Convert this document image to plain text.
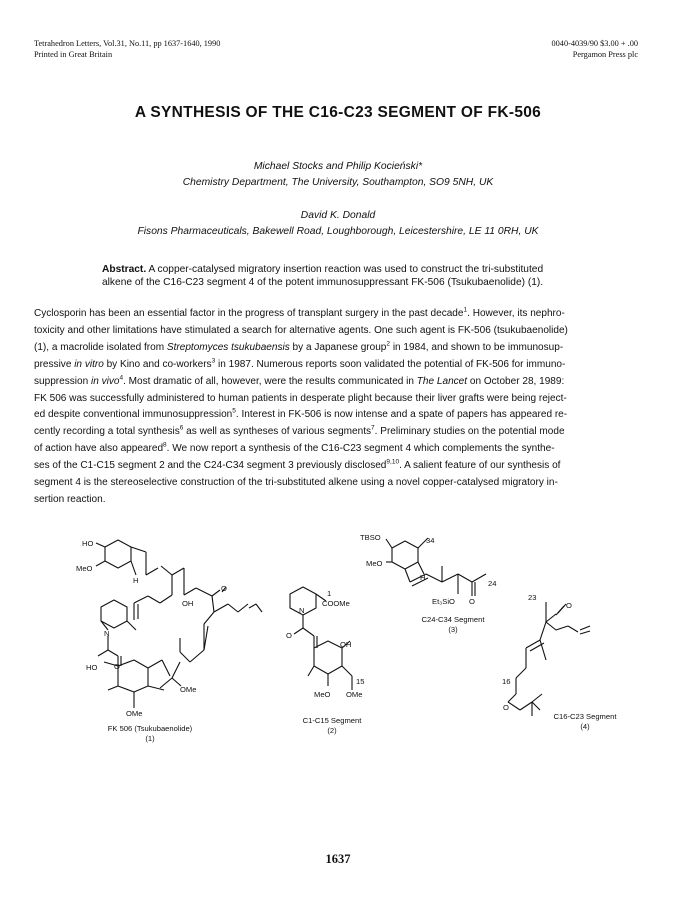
Tetrahedron Letters, Vol.31, No.11, pp 1637-1640, 1990
Printed in Great Britain
0040-4039/90 $3.00 + .00
Pergamon Press plc
A SYNTHESIS OF THE C16-C23 SEGMENT OF FK-506
Michael Stocks and Philip Kocieński*
Chemistry Department, The University, Southampton, SO9 5NH, UK
David K. Donald
Fisons Pharmaceuticals, Bakewell Road, Loughborough, Leicestershire, LE 11 0RH, UK
Abstract. A copper-catalysed migratory insertion reaction was used to construct the tri-substituted
alkene of the C16-C23 segment 4 of the potent immunosuppressant FK-506 (Tsukubaenolide) (1).
Cyclosporin has been an essential factor in the progress of transplant surgery in the past decade$^1$. However, its nephro-
toxicity and other limitations have stimulated a search for alternative agents. One such agent is FK-506 (tsukubaenolide)
(1), a macrolide isolated from Streptomyces tsukubaensis by a Japanese group$^2$ in 1984, and shown to be immunosup-
pressive in vitro by Kino and co-workers$^3$ in 1987. Numerous reports soon validated the potential of FK-506 for immuno-
suppression in vivo$^4$. Most dramatic of all, however, were the results communicated in The Lancet on October 28, 1989:
FK 506 was successfully administered to human patients in desperate plight because their liver grafts were being reject-
ed despite conventional immunosuppression$^5$. Interest in FK-506 is now intense and a spate of papers has appeared re-
cently recording a total synthesis$^6$ as well as syntheses of various segments$^7$. Preliminary studies on the potential mode
of action have also appeared$^8$. We now report a synthesis of the C16-C23 segment 4 which complements the synthe-
ses of the C1-C15 segment 2 and the C24-C34 segment 3 previously disclosed$^{9,10}$. A salient feature of our synthesis of
segment 4 is the stereoselective construction of the tri-substituted alkene using a novel copper-catalysed migratory in-
sertion reaction.
HO
MeO
H
O
OH
N
HO O
OMe
OMe
1
COOMe
N
O
OH
15
MeO OMe
TBSO	34
MeO
H
24
Et₃SiO O	23
O
16
O
FK 506 (Tsukubaenolide)
(1)
C1-C15 Segment
(2)
C24-C34 Segment
(3)
C16-C23 Segment
(4)
1637
